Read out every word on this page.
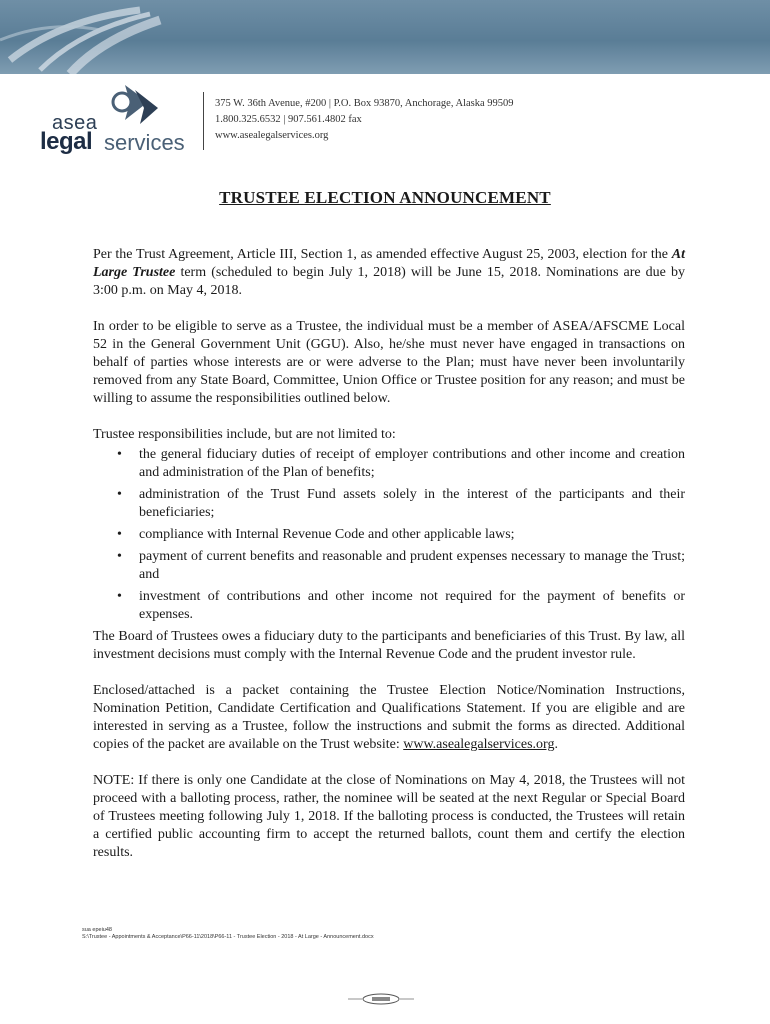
asea
legal services
375 W. 36th Avenue, #200 | P.O. Box 93870, Anchorage, Alaska 99509
1.800.325.6532 | 907.561.4802 fax
www.asealegalservices.org
TRUSTEE ELECTION ANNOUNCEMENT

Per the Trust Agreement, Article III, Section 1, as amended effective August 25, 2003, election for the At Large Trustee term (scheduled to begin July 1, 2018) will be June 15, 2018. Nominations are due by 3:00 p.m. on May 4, 2018.

In order to be eligible to serve as a Trustee, the individual must be a member of ASEA/AFSCME Local 52 in the General Government Unit (GGU). Also, he/she must never have engaged in transactions on behalf of parties whose interests are or were adverse to the Plan; must have never been involuntarily removed from any State Board, Committee, Union Office or Trustee position for any reason; and must be willing to assume the responsibilities outlined below.

Trustee responsibilities include, but are not limited to:

• the general fiduciary duties of receipt of employer contributions and other income and creation and administration of the Plan of benefits;
• administration of the Trust Fund assets solely in the interest of the participants and their beneficiaries;
• compliance with Internal Revenue Code and other applicable laws;
• payment of current benefits and reasonable and prudent expenses necessary to manage the Trust; and
• investment of contributions and other income not required for the payment of benefits or expenses.

The Board of Trustees owes a fiduciary duty to the participants and beneficiaries of this Trust. By law, all investment decisions must comply with the Internal Revenue Code and the prudent investor rule.

Enclosed/attached is a packet containing the Trustee Election Notice/Nomination Instructions, Nomination Petition, Candidate Certification and Qualifications Statement. If you are eligible and are interested in serving as a Trustee, follow the instructions and submit the forms as directed. Additional copies of the packet are available on the Trust website: www.asealegalservices.org.

NOTE: If there is only one Candidate at the close of Nominations on May 4, 2018, the Trustees will not proceed with a balloting process, rather, the nominee will be seated at the next Regular or Special Board of Trustees meeting following July 1, 2018. If the balloting process is conducted, the Trustees will retain a certified public accounting firm to accept the returned ballots, count them and certify the election results.

sua epeiu48
S:\Trustee - Appointments & Acceptance\P66-11\2018\P66-11 - Trustee Election - 2018 - At Large - Announcement.docx
